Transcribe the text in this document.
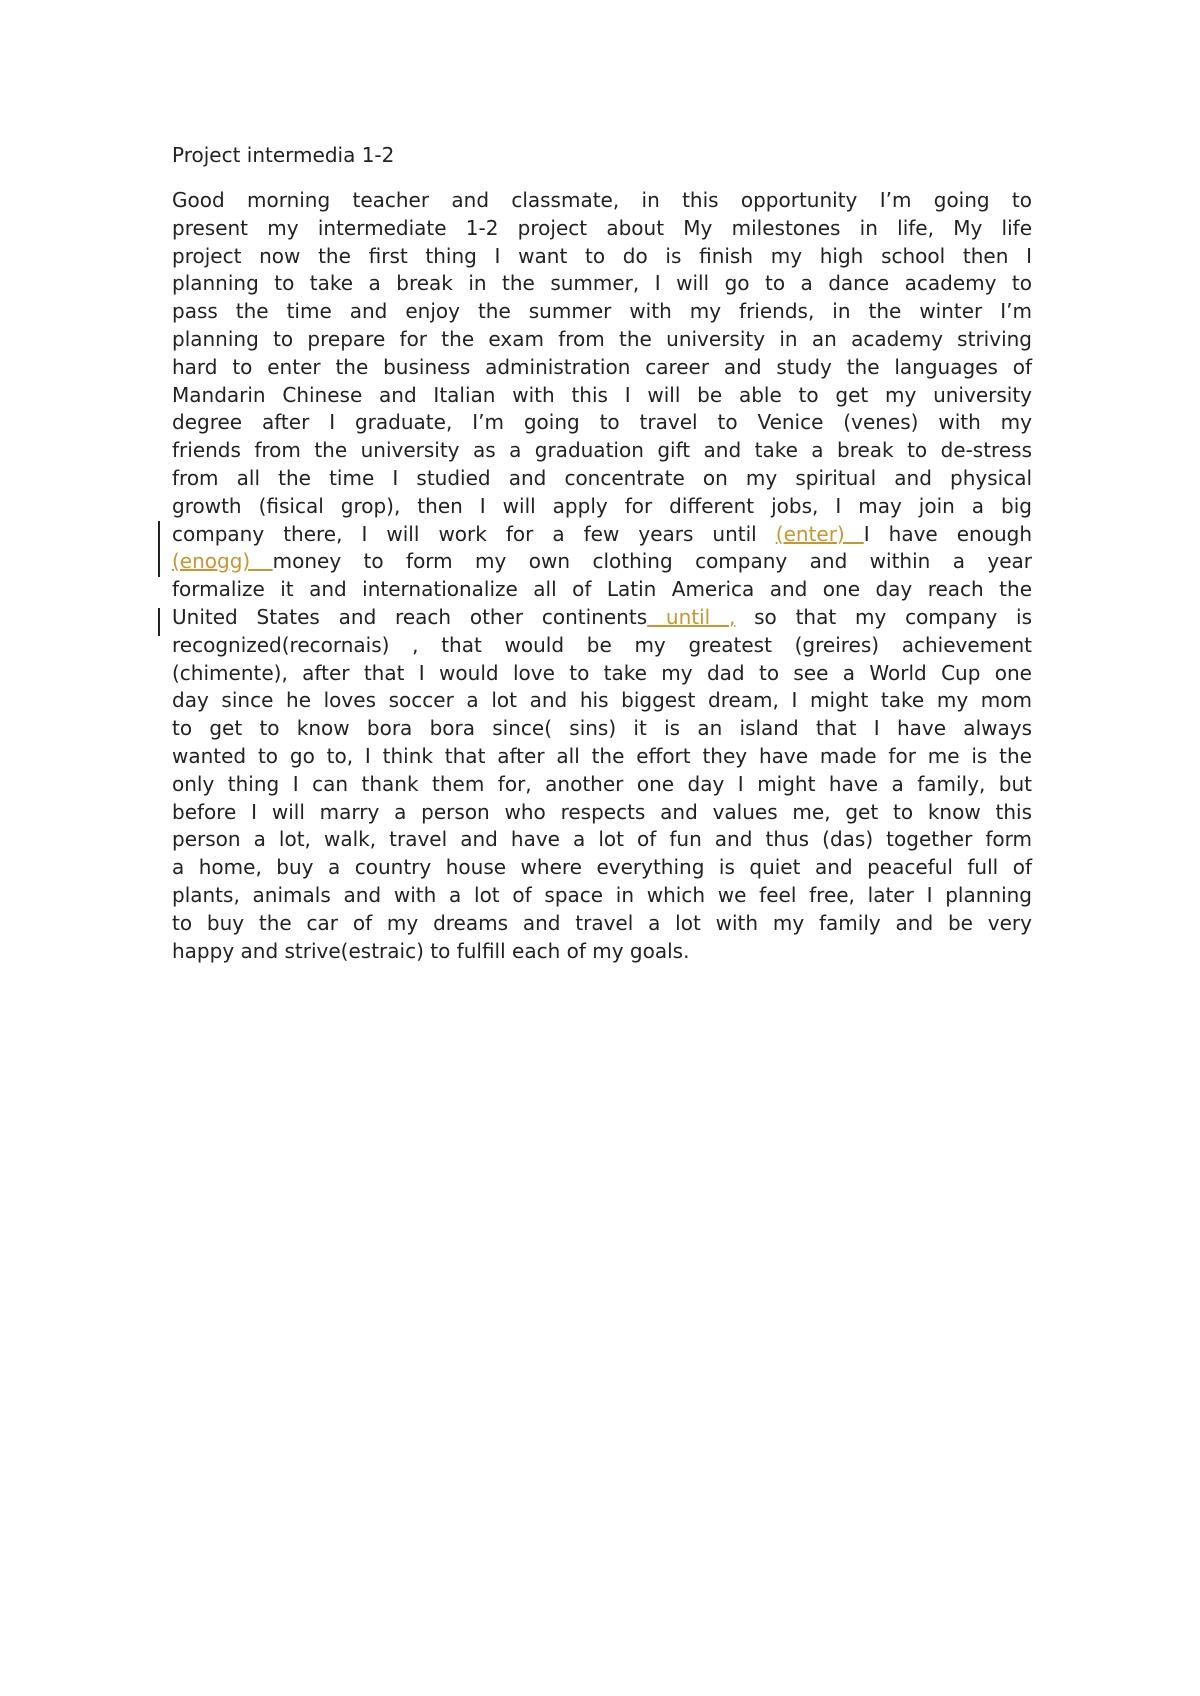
Project intermedia 1-2
Good morning teacher and classmate, in this opportunity I’m going to
present my intermediate 1-2 project about My milestones in life, My life
project now the first thing I want to do is finish my high school then I
planning to take a break in the summer, I will go to a dance academy to
pass the time and enjoy the summer with my friends, in the winter I’m
planning to prepare for the exam from the university in an academy striving
hard to enter the business administration career and study the languages of
Mandarin Chinese and Italian with this I will be able to get my university
degree after I graduate, I’m going to travel to Venice (venes) with my
friends from the university as a graduation gift and take a break to de-stress
from all the time I studied and concentrate on my spiritual and physical
growth (fisical grop), then I will apply for different jobs, I may join a big
company there, I will work for a few years until (enter) I have enough
(enogg) money to form my own clothing company and within a year
formalize it and internationalize all of Latin America and one day reach the
United States and reach other continents until , so that my company is
recognized(recornais) , that would be my greatest (greires) achievement
(chimente), after that I would love to take my dad to see a World Cup one
day since he loves soccer a lot and his biggest dream, I might take my mom
to get to know bora bora since( sins) it is an island that I have always
wanted to go to, I think that after all the effort they have made for me is the
only thing I can thank them for, another one day I might have a family, but
before I will marry a person who respects and values me, get to know this
person a lot, walk, travel and have a lot of fun and thus (das) together form
a home, buy a country house where everything is quiet and peaceful full of
plants, animals and with a lot of space in which we feel free, later I planning
to buy the car of my dreams and travel a lot with my family and be very
happy and strive(estraic) to fulfill each of my goals.
